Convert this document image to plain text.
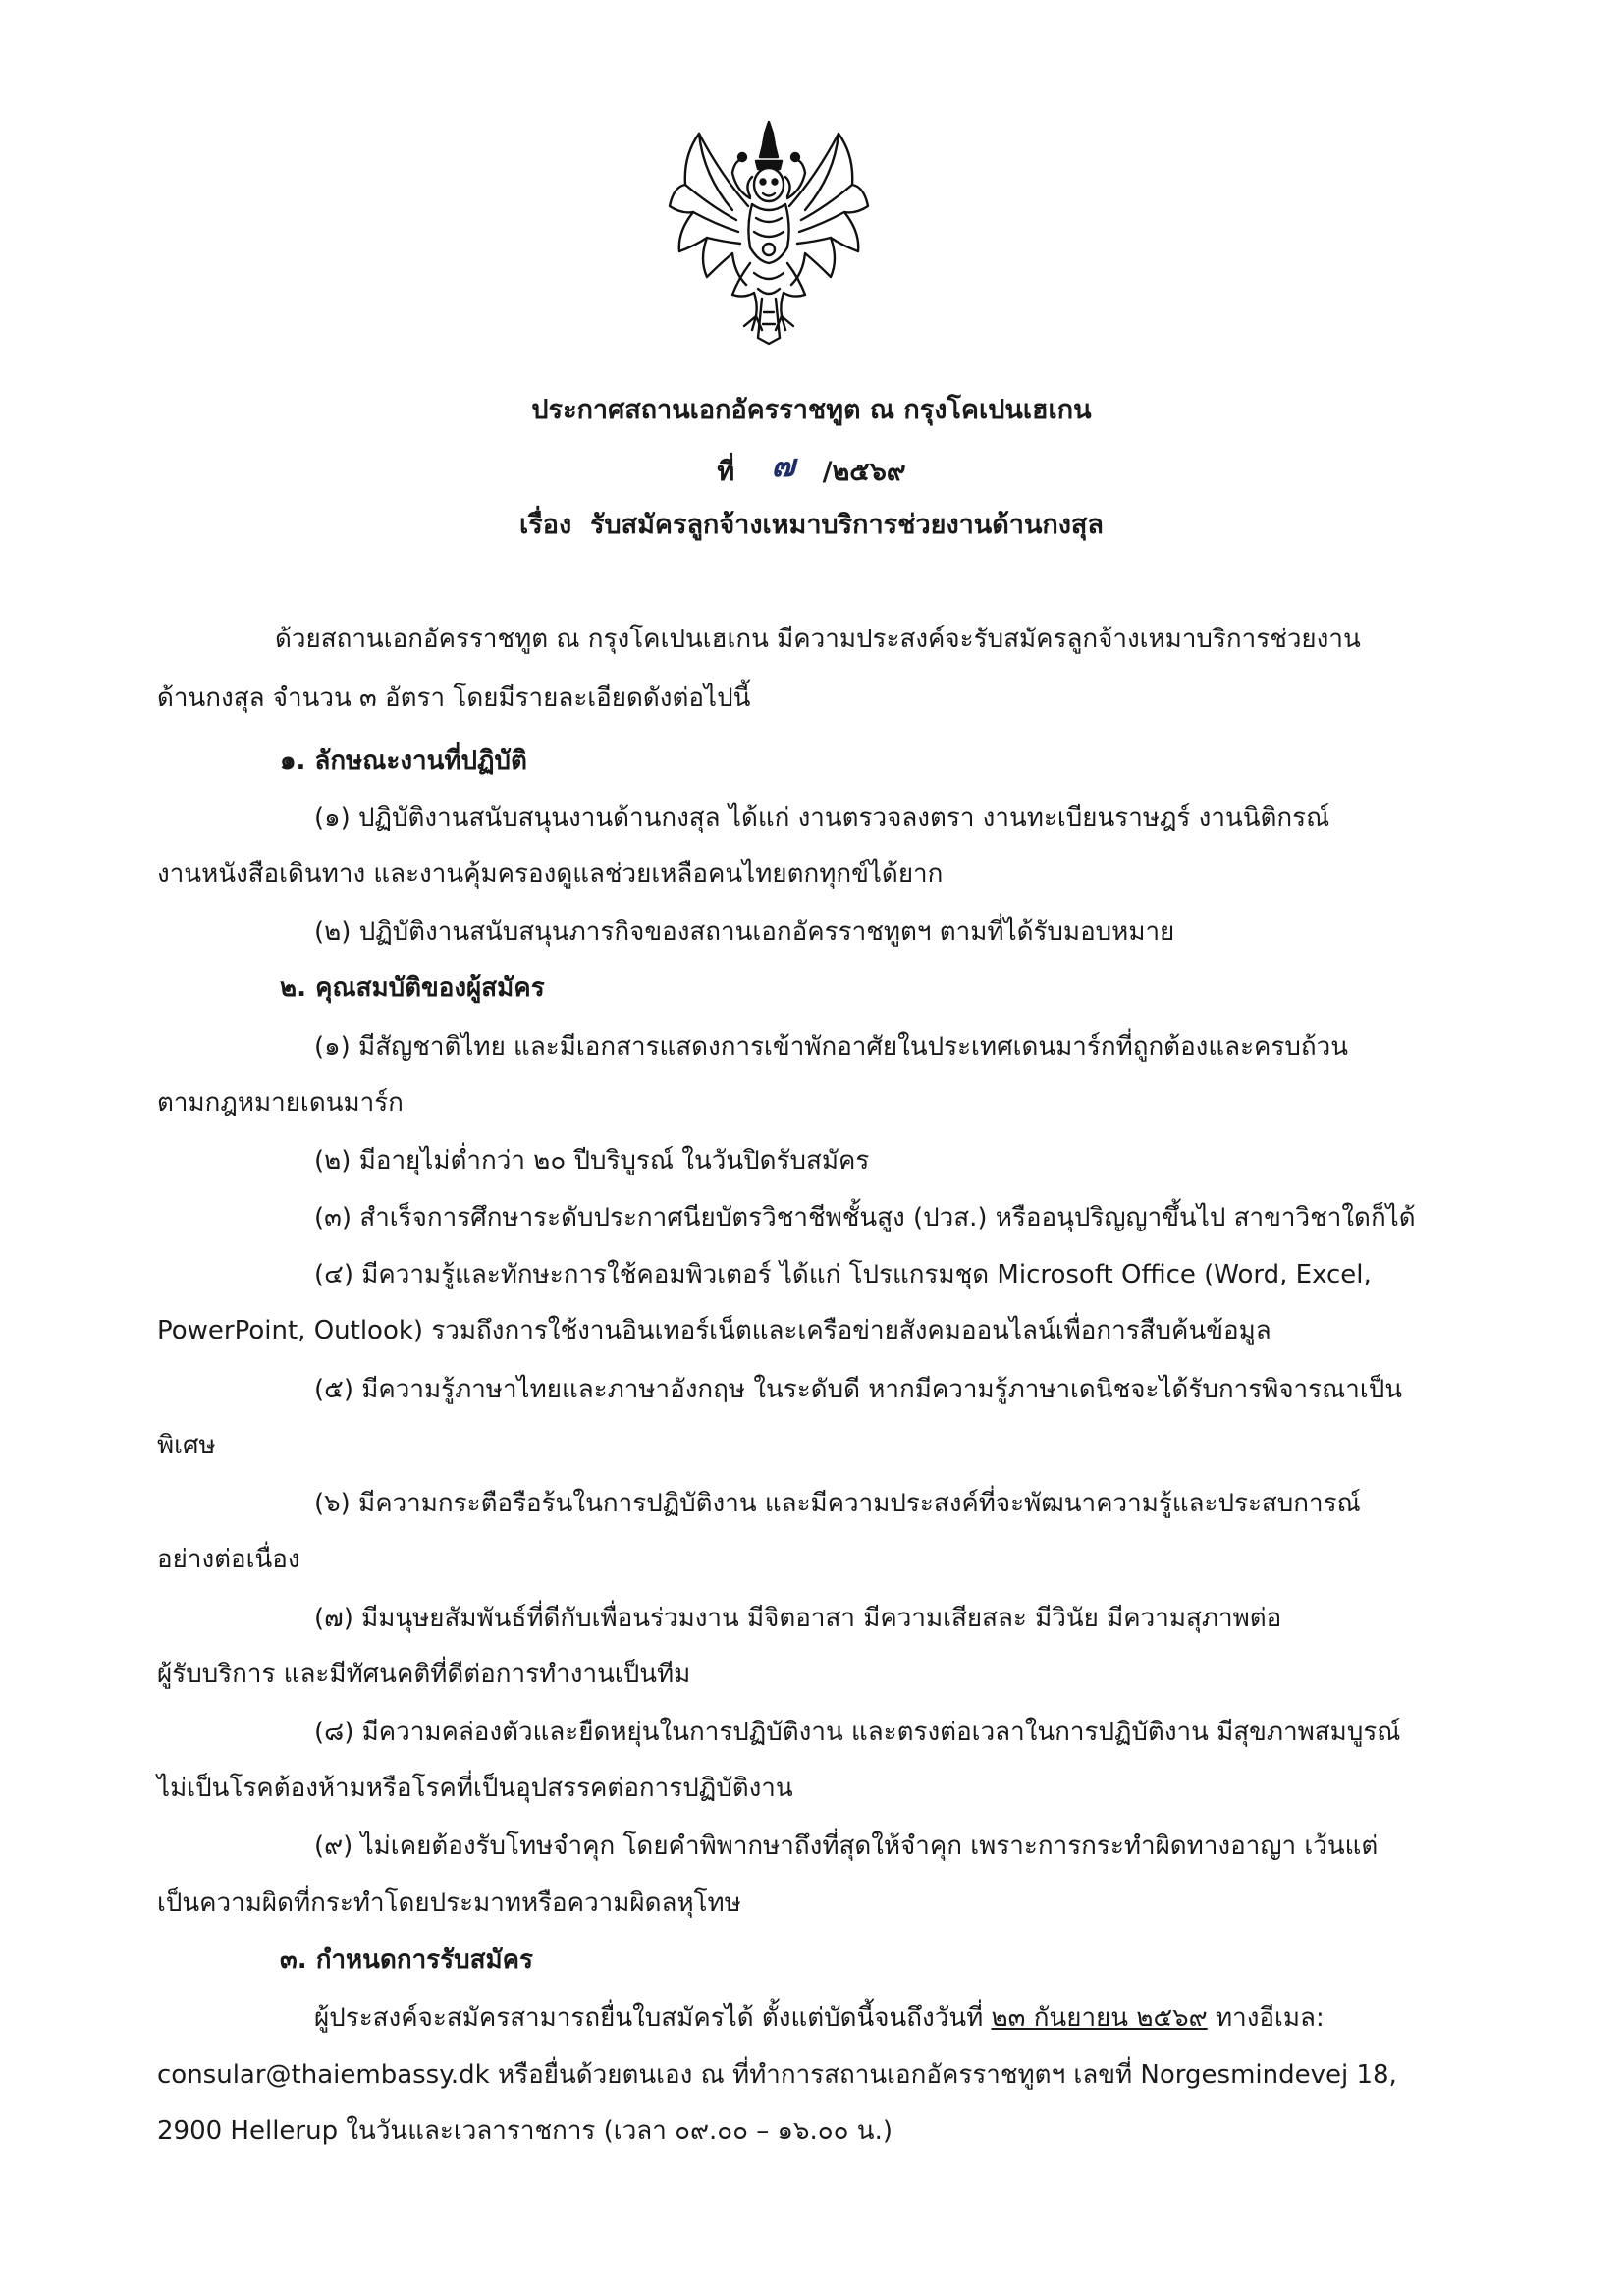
ประกาศสถานเอกอัครราชทูต ณ กรุงโคเปนเฮเกน
ที่ ๗ /๒๕๖๙
เรื่อง รับสมัครลูกจ้างเหมาบริการช่วยงานด้านกงสุล
ด้วยสถานเอกอัครราชทูต ณ กรุงโคเปนเฮเกน มีความประสงค์จะรับสมัครลูกจ้างเหมาบริการช่วยงาน
ด้านกงสุล จำนวน ๓ อัตรา โดยมีรายละเอียดดังต่อไปนี้
๑. ลักษณะงานที่ปฏิบัติ
(๑) ปฏิบัติงานสนับสนุนงานด้านกงสุล ได้แก่ งานตรวจลงตรา งานทะเบียนราษฎร์ งานนิติกรณ์
งานหนังสือเดินทาง และงานคุ้มครองดูแลช่วยเหลือคนไทยตกทุกข์ได้ยาก
(๒) ปฏิบัติงานสนับสนุนภารกิจของสถานเอกอัครราชทูตฯ ตามที่ได้รับมอบหมาย
๒. คุณสมบัติของผู้สมัคร
(๑) มีสัญชาติไทย และมีเอกสารแสดงการเข้าพักอาศัยในประเทศเดนมาร์กที่ถูกต้องและครบถ้วน
ตามกฎหมายเดนมาร์ก
(๒) มีอายุไม่ต่ำกว่า ๒๐ ปีบริบูรณ์ ในวันปิดรับสมัคร
(๓) สำเร็จการศึกษาระดับประกาศนียบัตรวิชาชีพชั้นสูง (ปวส.) หรืออนุปริญญาขึ้นไป สาขาวิชาใดก็ได้
(๔) มีความรู้และทักษะการใช้คอมพิวเตอร์ ได้แก่ โปรแกรมชุด Microsoft Office (Word, Excel,
PowerPoint, Outlook) รวมถึงการใช้งานอินเทอร์เน็ตและเครือข่ายสังคมออนไลน์เพื่อการสืบค้นข้อมูล
(๕) มีความรู้ภาษาไทยและภาษาอังกฤษ ในระดับดี หากมีความรู้ภาษาเดนิชจะได้รับการพิจารณาเป็น
พิเศษ
(๖) มีความกระตือรือร้นในการปฏิบัติงาน และมีความประสงค์ที่จะพัฒนาความรู้และประสบการณ์
อย่างต่อเนื่อง
(๗) มีมนุษยสัมพันธ์ที่ดีกับเพื่อนร่วมงาน มีจิตอาสา มีความเสียสละ มีวินัย มีความสุภาพต่อ
ผู้รับบริการ และมีทัศนคติที่ดีต่อการทำงานเป็นทีม
(๘) มีความคล่องตัวและยืดหยุ่นในการปฏิบัติงาน และตรงต่อเวลาในการปฏิบัติงาน มีสุขภาพสมบูรณ์
ไม่เป็นโรคต้องห้ามหรือโรคที่เป็นอุปสรรคต่อการปฏิบัติงาน
(๙) ไม่เคยต้องรับโทษจำคุก โดยคำพิพากษาถึงที่สุดให้จำคุก เพราะการกระทำผิดทางอาญา เว้นแต่
เป็นความผิดที่กระทำโดยประมาทหรือความผิดลหุโทษ
๓. กำหนดการรับสมัคร
ผู้ประสงค์จะสมัครสามารถยื่นใบสมัครได้ ตั้งแต่บัดนี้จนถึงวันที่ ๒๓ กันยายน ๒๕๖๙ ทางอีเมล:
consular@thaiembassy.dk หรือยื่นด้วยตนเอง ณ ที่ทำการสถานเอกอัครราชทูตฯ เลขที่ Norgesmindevej 18,
2900 Hellerup ในวันและเวลาราชการ (เวลา ๐๙.๐๐ – ๑๖.๐๐ น.)
